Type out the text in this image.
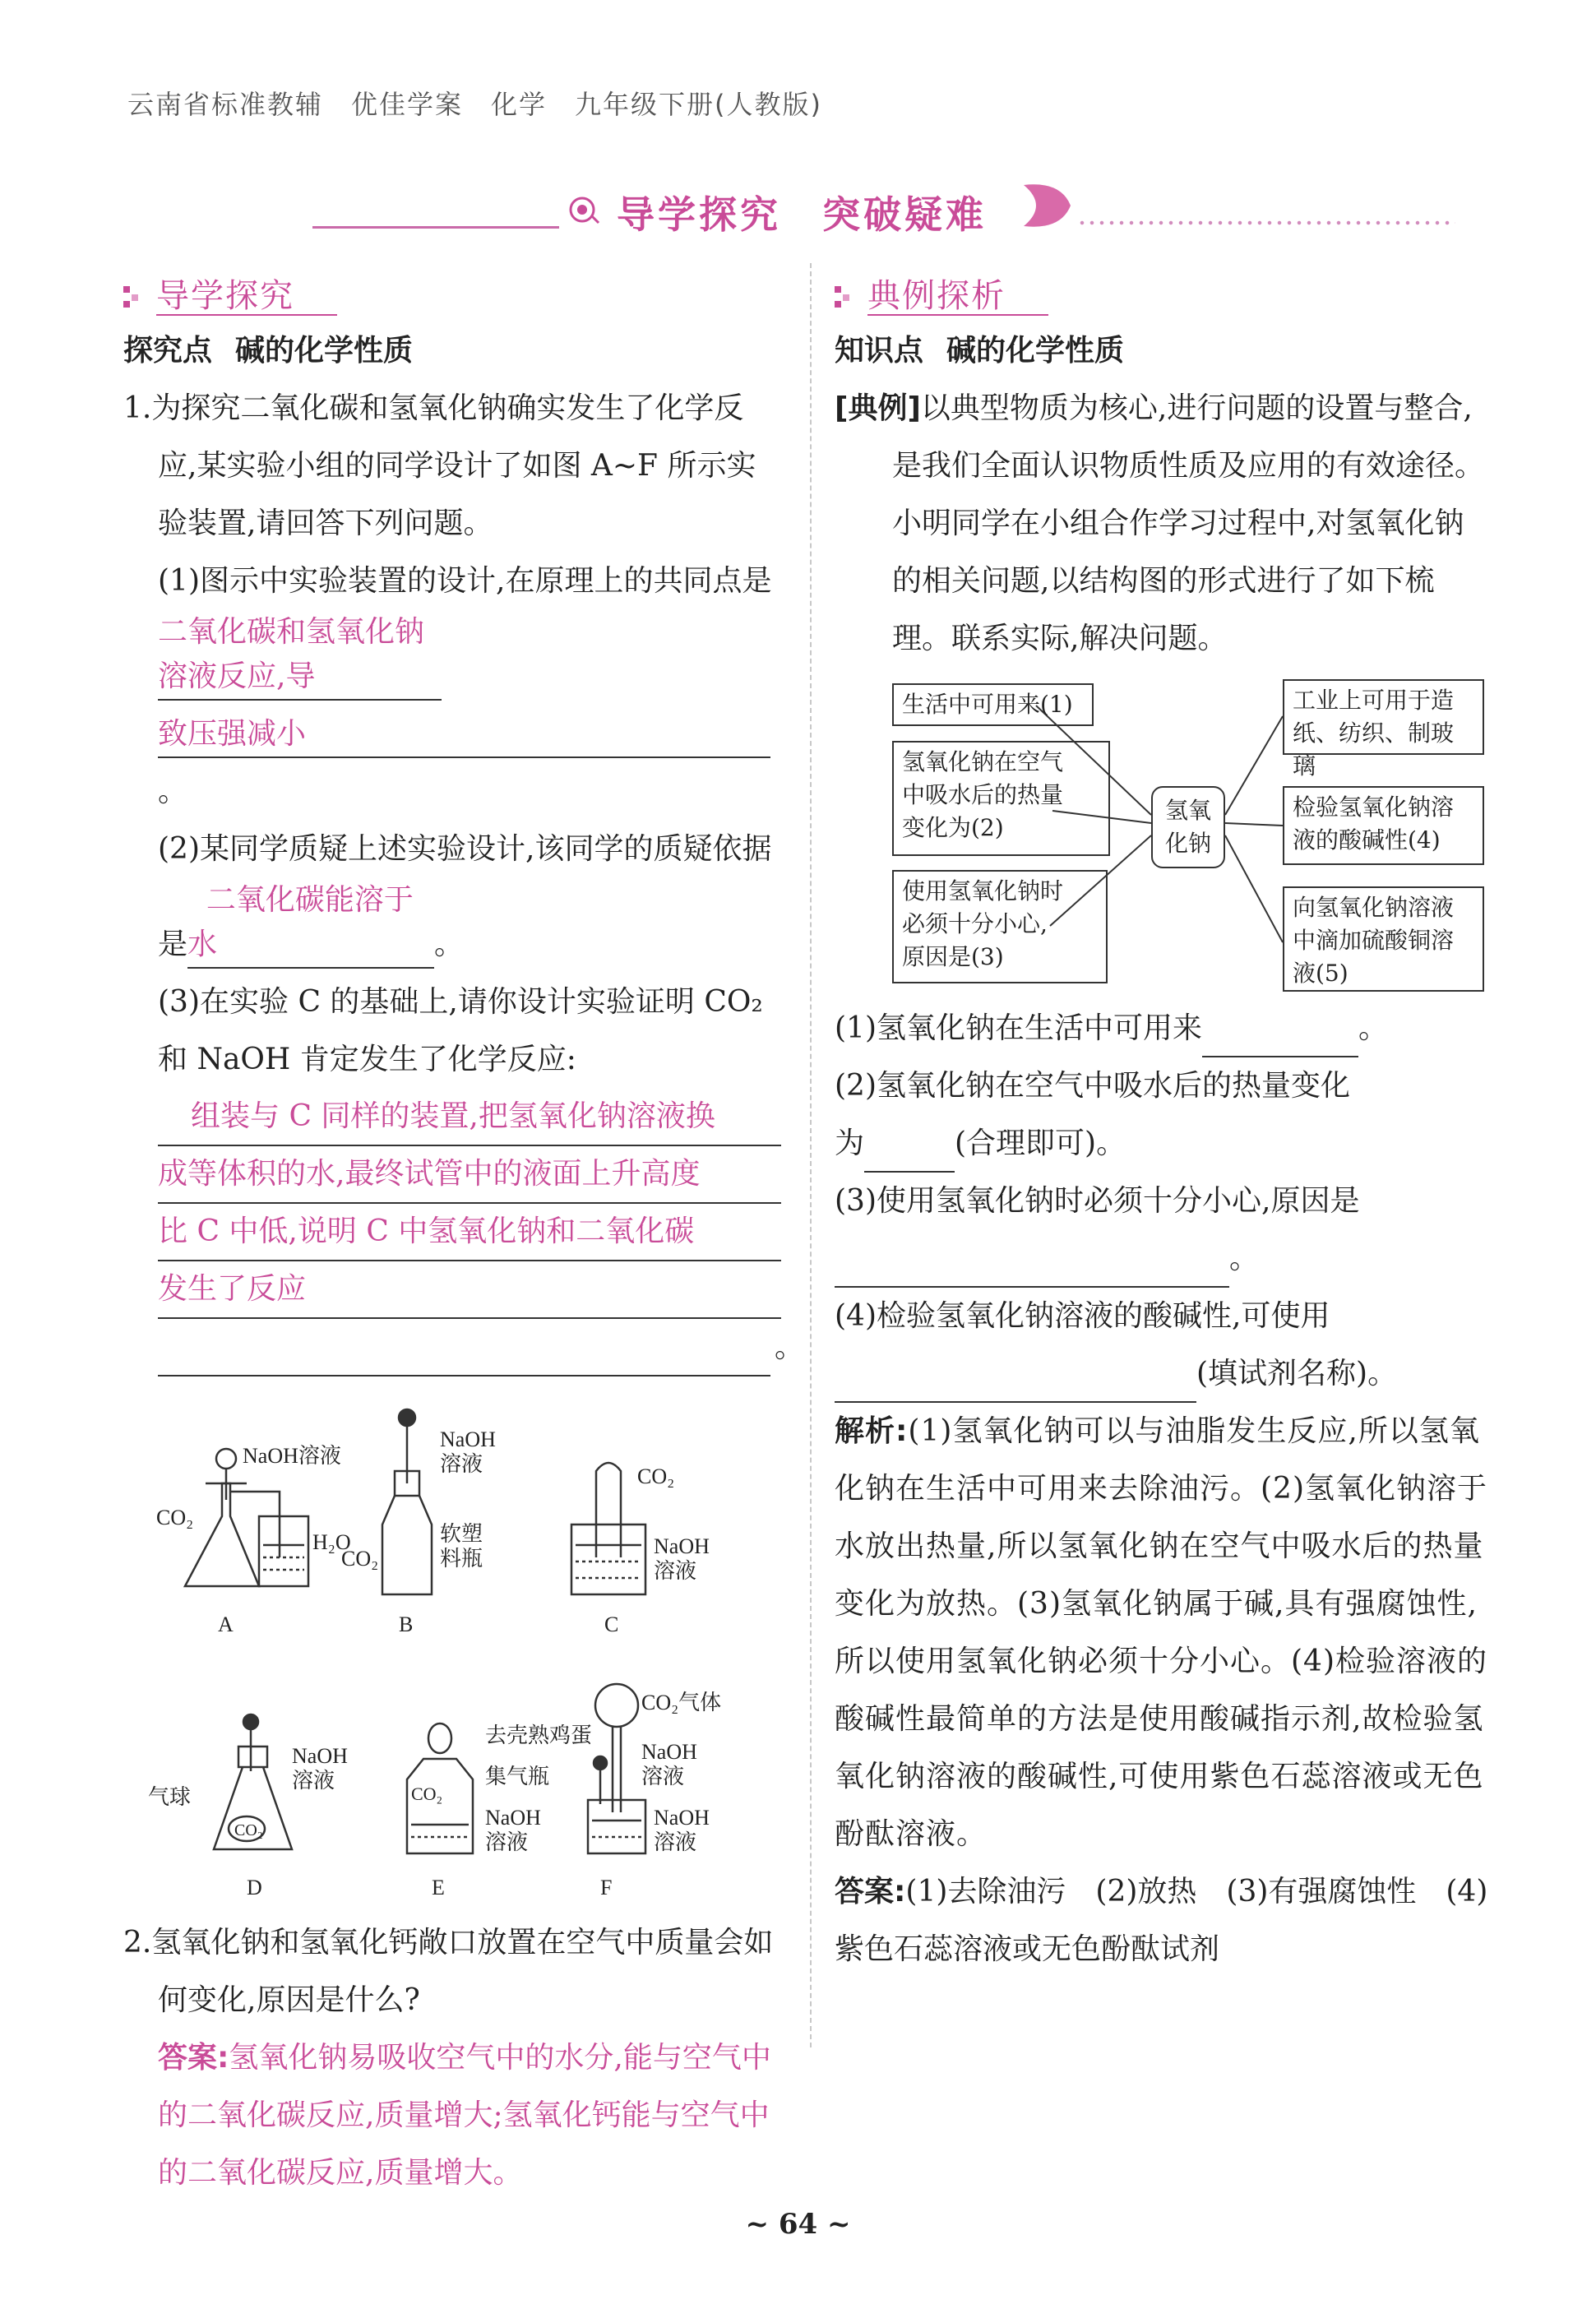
云南省标准教辅　优佳学案　化学　九年级下册(人教版)
导学探究　突破疑难
导学探究

探究点 碱的化学性质

1.为探究二氧化碳和氢氧化钠确实发生了化学反应,某实验小组的同学设计了如图 A~F 所示实验装置,请回答下列问题。

(1)图示中实验装置的设计,在原理上的共同点是二氧化碳和氢氧化钠溶液反应,导
致压强减小。

(2)某同学质疑上述实验设计,该同学的质疑依据是  二氧化碳能溶于水	。

(3)在实验 C 的基础上,请你设计实验证明 CO₂ 和 NaOH 肯定发生了化学反应:

组装与 C 同样的装置,把氢氧化钠溶液换
成等体积的水,最终试管中的液面上升高度
比 C 中低,说明 C 中氢氧化钠和二氧化碳
发生了反应
。
NaOH溶液
CO₂
H₂O
A
NaOH
溶液
软塑
料瓶
CO₂
B
CO₂
NaOH
溶液
C
气球
CO₂
NaOH
溶液
D
CO₂
去壳熟鸡蛋
集气瓶
NaOH
溶液
E
CO₂气体
NaOH
溶液
NaOH
溶液
F

2.氢氧化钠和氢氧化钙敞口放置在空气中质量会如何变化,原因是什么?

答案:氢氧化钠易吸收空气中的水分,能与空气中的二氧化碳反应,质量增大;氢氧化钙能与空气中的二氧化碳反应,质量增大。

典例探析

知识点 碱的化学性质

[典例]以典型物质为核心,进行问题的设置与整合,是我们全面认识物质性质及应用的有效途径。小明同学在小组合作学习过程中,对氢氧化钠的相关问题,以结构图的形式进行了如下梳理。联系实际,解决问题。

生活中可用来(1)
氢氧化钠在空气
中吸水后的热量
变化为(2)
使用氢氧化钠时
必须十分小心,
原因是(3)
氢氧
化钠
工业上可用于造
纸、纺织、制玻璃
检验氢氧化钠溶
液的酸碱性(4)
向氢氧化钠溶液
中滴加硫酸铜溶
液(5)

(1)氢氧化钠在生活中可用来	。

(2)氢氧化钠在空气中吸水后的热量变化
为	(合理即可)。

(3)使用氢氧化钠时必须十分小心,原因是
。

(4)检验氢氧化钠溶液的酸碱性,可使用
(填试剂名称)。

解析:(1)氢氧化钠可以与油脂发生反应,所以氢氧化钠在生活中可用来去除油污。(2)氢氧化钠溶于水放出热量,所以氢氧化钠在空气中吸水后的热量变化为放热。(3)氢氧化钠属于碱,具有强腐蚀性,所以使用氢氧化钠必须十分小心。(4)检验溶液的酸碱性最简单的方法是使用酸碱指示剂,故检验氢氧化钠溶液的酸碱性,可使用紫色石蕊溶液或无色酚酞溶液。

答案:(1)去除油污　(2)放热　(3)有强腐蚀性　(4)紫色石蕊溶液或无色酚酞试剂

~ 64 ~
